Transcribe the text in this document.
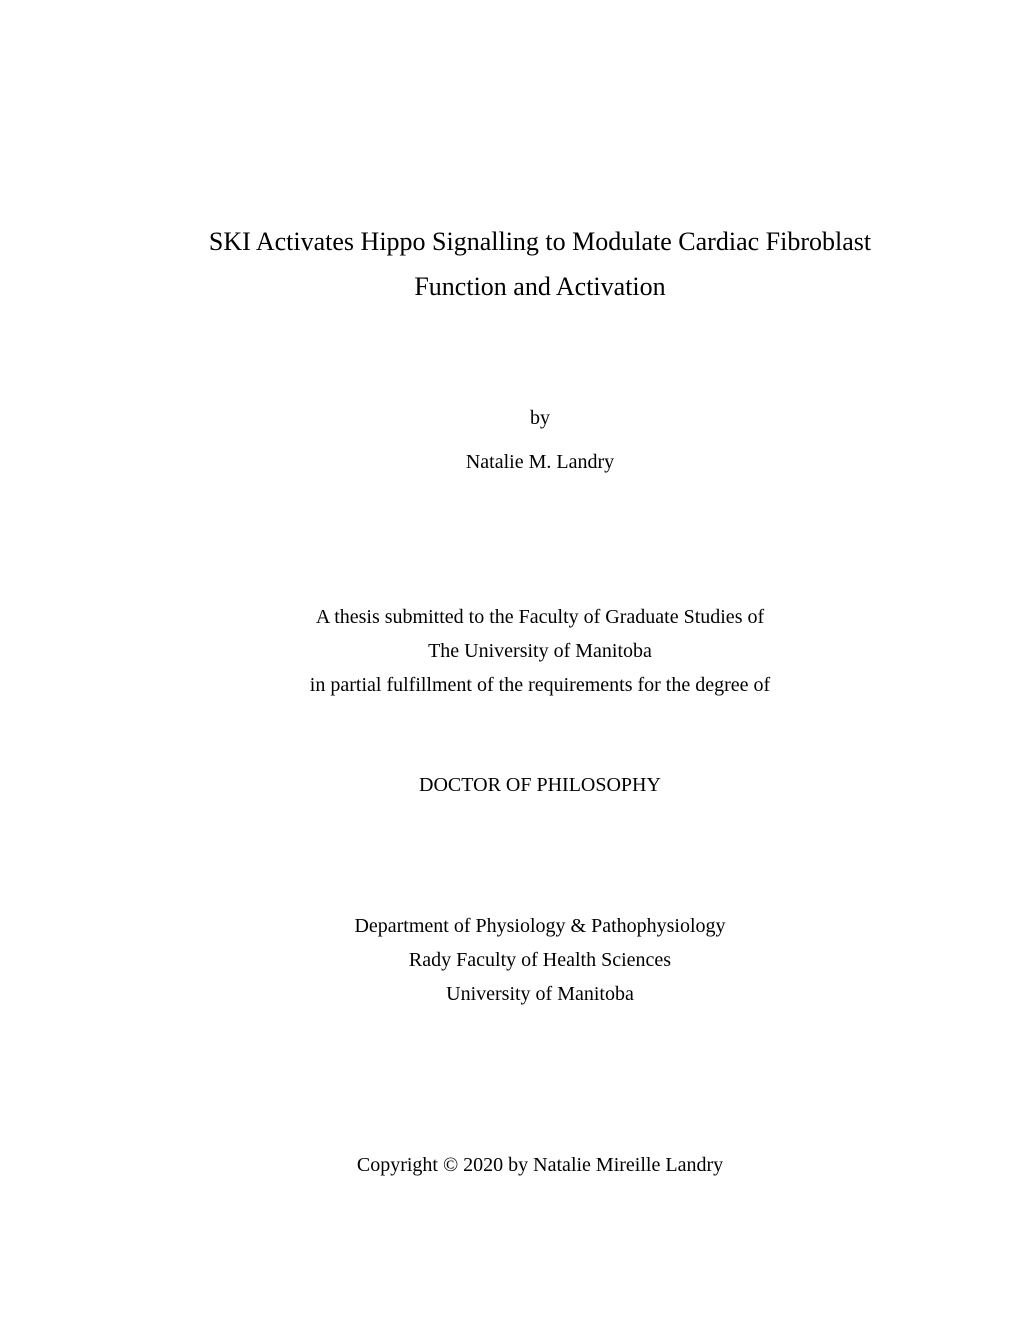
SKI Activates Hippo Signalling to Modulate Cardiac Fibroblast
Function and Activation
by
Natalie M. Landry
A thesis submitted to the Faculty of Graduate Studies of
The University of Manitoba
in partial fulfillment of the requirements for the degree of
DOCTOR OF PHILOSOPHY
Department of Physiology & Pathophysiology
Rady Faculty of Health Sciences
University of Manitoba
Copyright © 2020 by Natalie Mireille Landry
